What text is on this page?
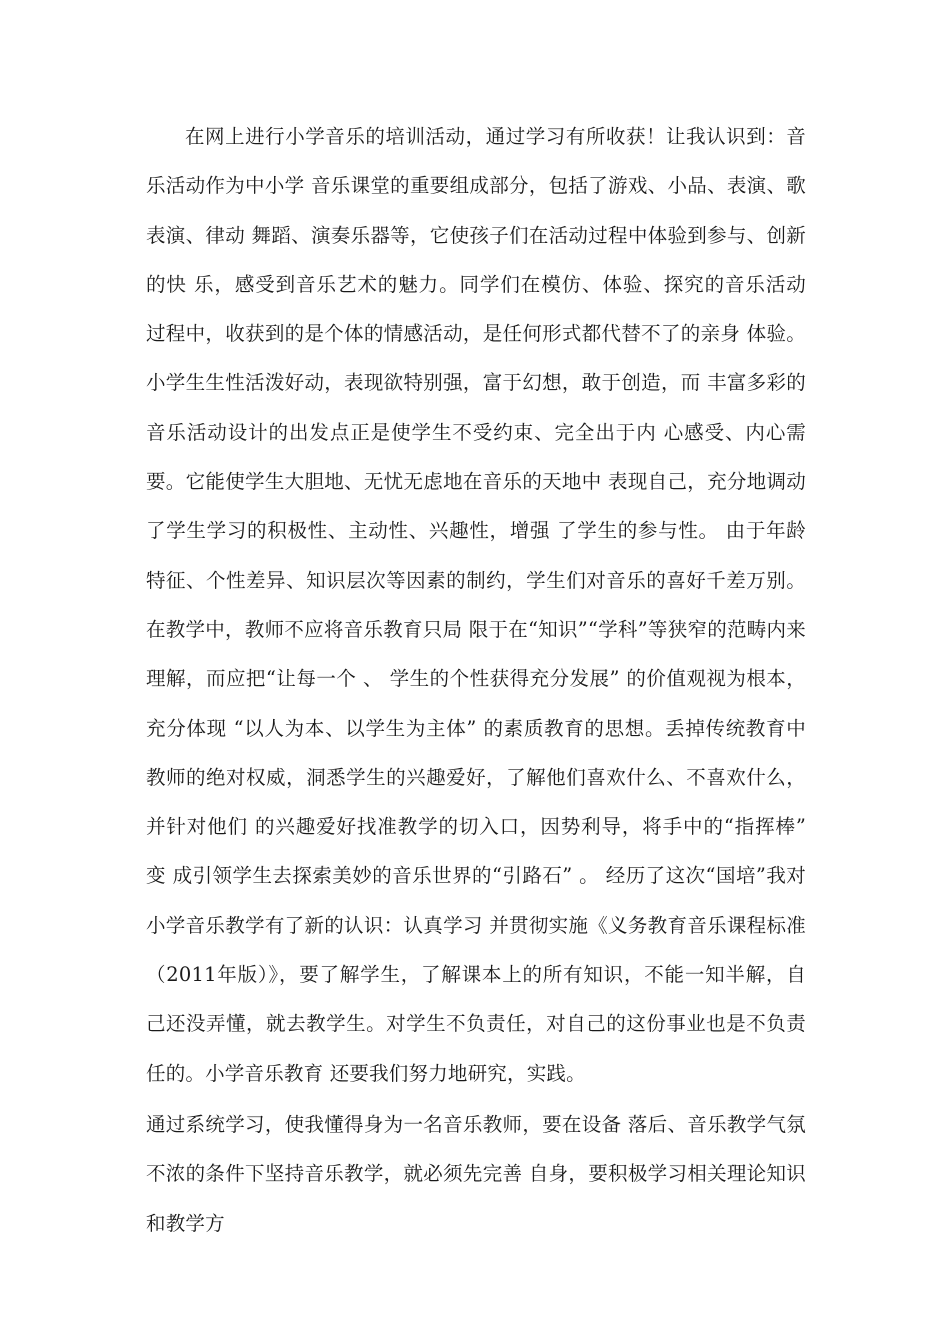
在网上进行小学音乐的培训活动，通过学习有所收获！让我认识到：音乐活动作为中小学 音乐课堂的重要组成部分，包括了游戏、小品、表演、歌表演、律动 舞蹈、演奏乐器等，它使孩子们在活动过程中体验到参与、创新的快 乐，感受到音乐艺术的魅力。同学们在模仿、体验、探究的音乐活动 过程中，收获到的是个体的情感活动，是任何形式都代替不了的亲身 体验。小学生生性活泼好动，表现欲特别强，富于幻想，敢于创造，而 丰富多彩的音乐活动设计的出发点正是使学生不受约束、完全出于内 心感受、内心需要。它能使学生大胆地、无忧无虑地在音乐的天地中 表现自己，充分地调动了学生学习的积极性、主动性、兴趣性，增强 了学生的参与性。 由于年龄特征、个性差异、知识层次等因素的制约，学生们对音乐的喜好千差万别。在教学中，教师不应将音乐教育只局 限于在“知识”“学科”等狭窄的范畴内来理解，而应把“让每一个 、 学生的个性获得充分发展” 的价值观视为根本，充分体现 “以人为本、以学生为主体” 的素质教育的思想。丢掉传统教育中教师的绝对权威，洞悉学生的兴趣爱好，了解他们喜欢什么、不喜欢什么，并针对他们 的兴趣爱好找准教学的切入口，因势利导，将手中的“指挥棒” 变 成引领学生去探索美妙的音乐世界的“引路石” 。 经历了这次“国培”我对小学音乐教学有了新的认识：认真学习 并贯彻实施《义务教育音乐课程标准（2011年版）》，要了解学生，了解课本上的所有知识，不能一知半解，自己还没弄懂，就去教学生。对学生不负责任，对自己的这份事业也是不负责任的。小学音乐教育 还要我们努力地研究，实践。

通过系统学习，使我懂得身为一名音乐教师，要在设备 落后、音乐教学气氛不浓的条件下坚持音乐教学，就必须先完善 自身，要积极学习相关理论知识和教学方
